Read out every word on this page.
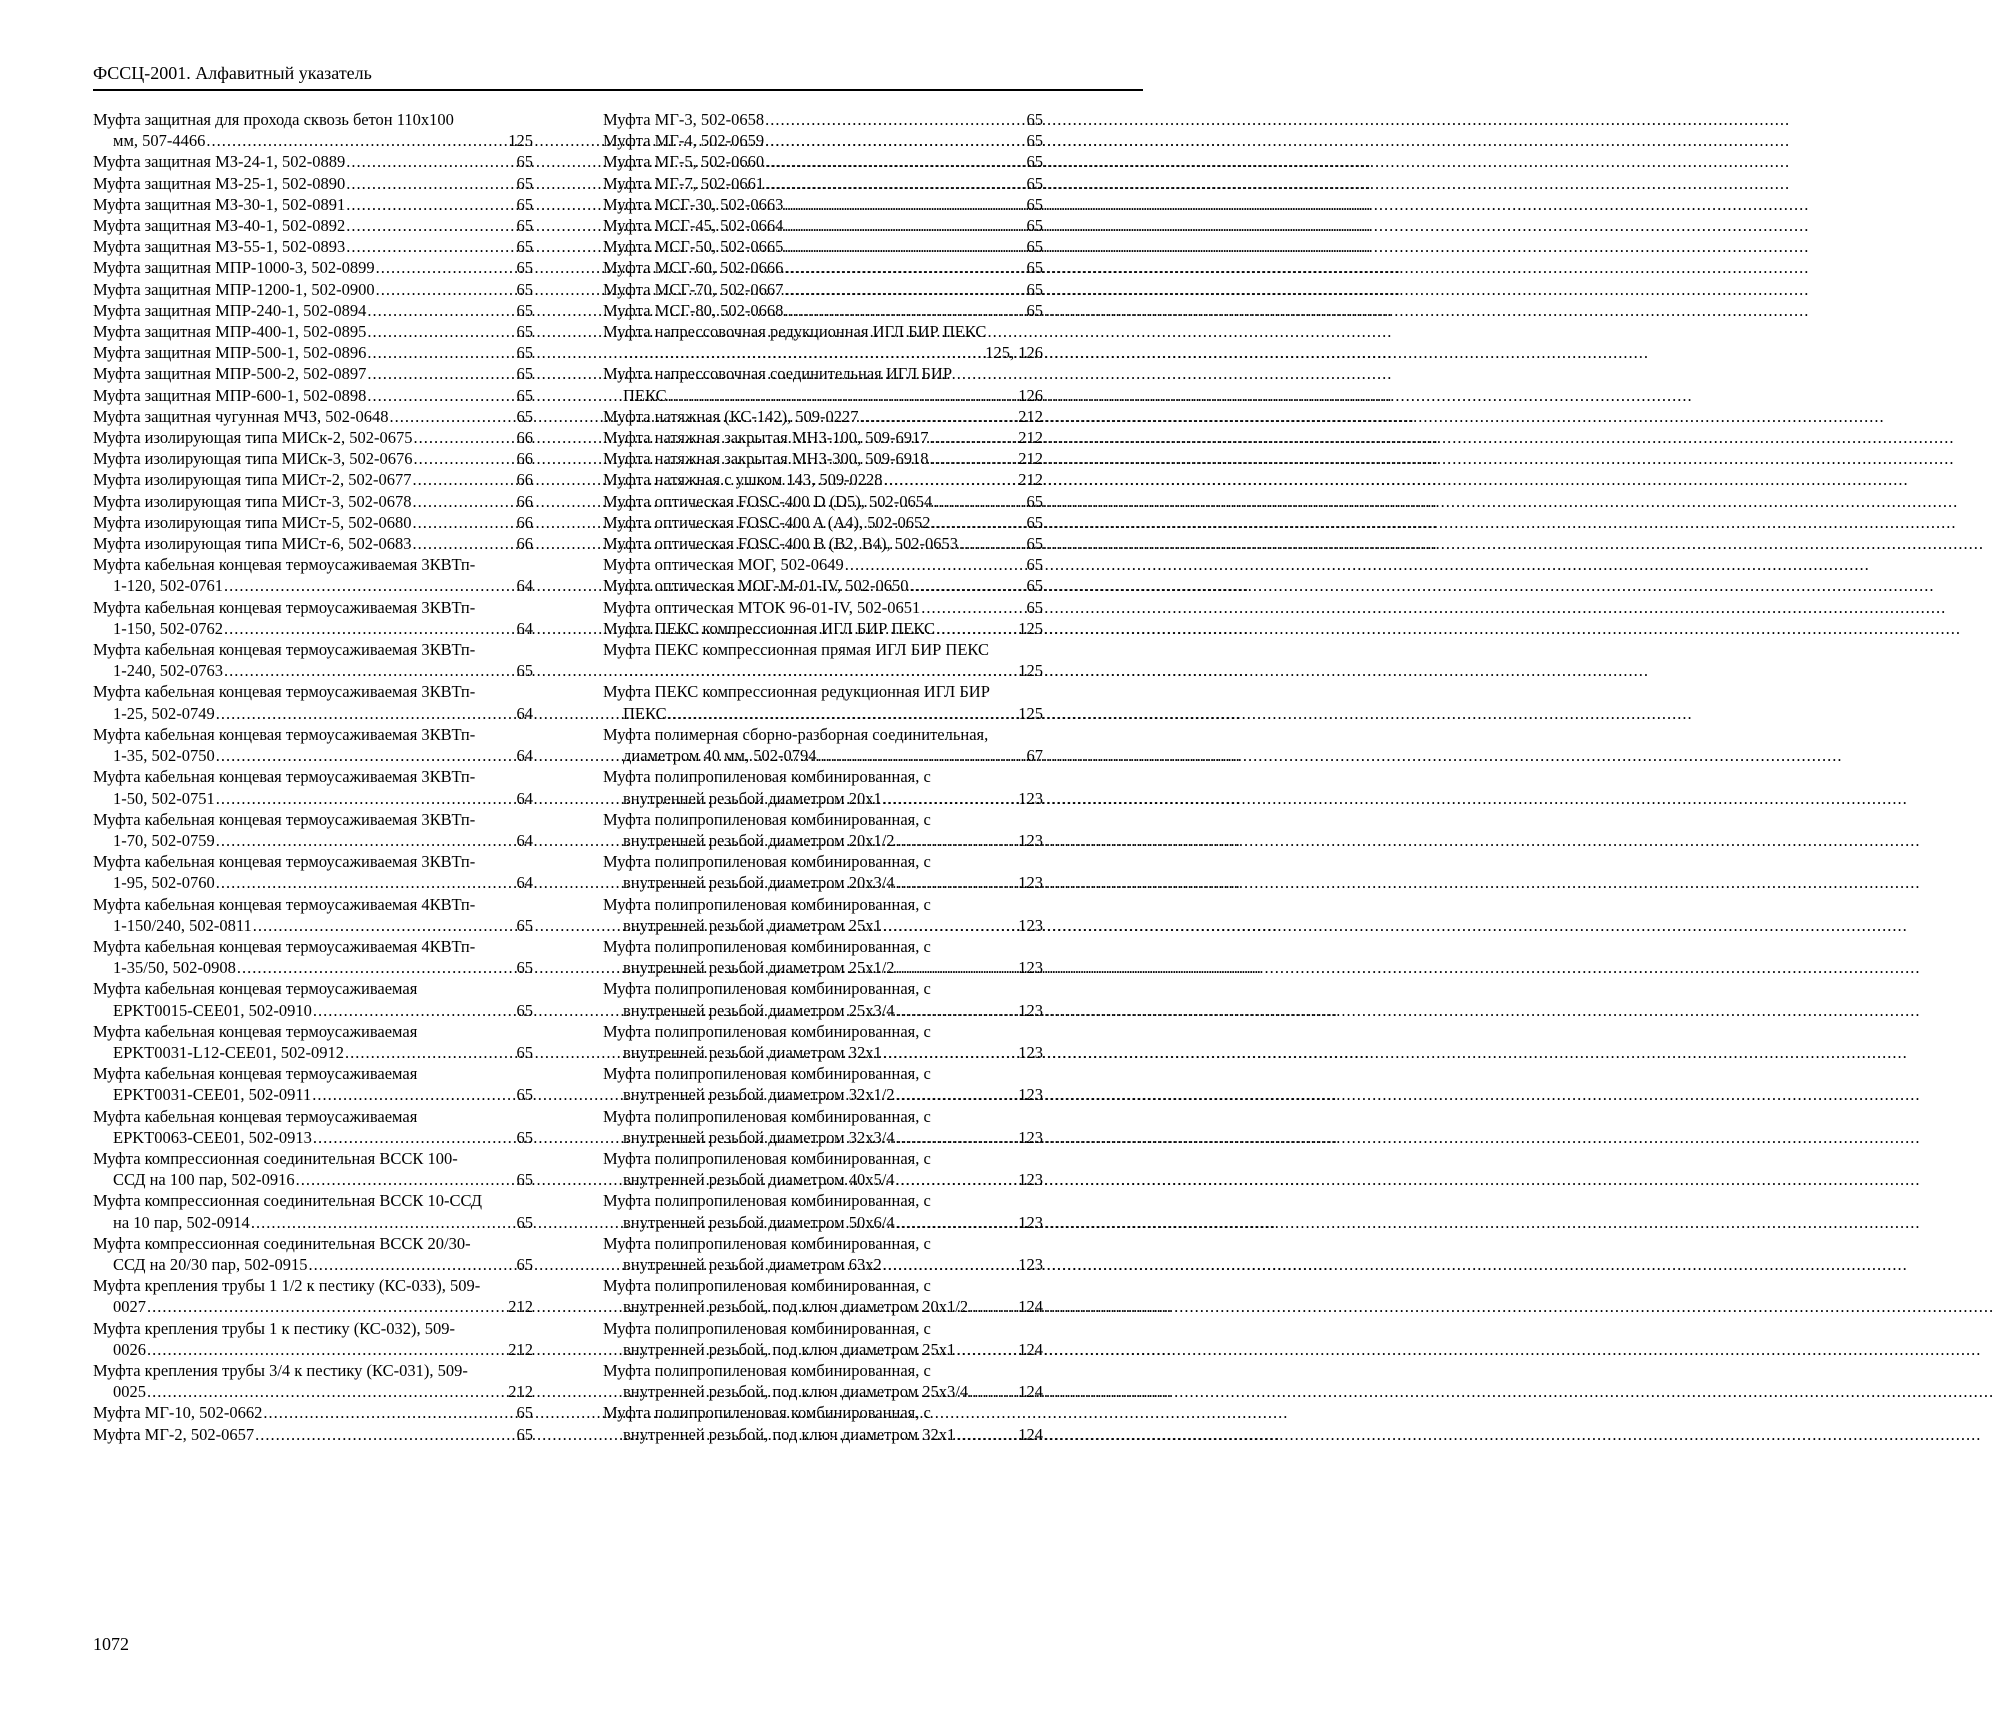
ФССЦ-2001. Алфавитный указатель
Муфта защитная для прохода сквозь бетон 110х100
мм, 507-4466 .....	125
Муфта защитная МЗ-24-1, 502-0889 .....	65
Муфта защитная МЗ-25-1, 502-0890 .....	65
Муфта защитная МЗ-30-1, 502-0891 .....	65
Муфта защитная МЗ-40-1, 502-0892 .....	65
Муфта защитная МЗ-55-1, 502-0893 .....	65
Муфта защитная МПР-1000-3, 502-0899 .....	65
Муфта защитная МПР-1200-1, 502-0900 .....	65
Муфта защитная МПР-240-1, 502-0894 .....	65
Муфта защитная МПР-400-1, 502-0895 .....	65
Муфта защитная МПР-500-1, 502-0896 .....	65
Муфта защитная МПР-500-2, 502-0897 .....	65
Муфта защитная МПР-600-1, 502-0898 .....	65
Муфта защитная чугунная МЧЗ, 502-0648 .....	65
Муфта изолирующая типа МИСк-2, 502-0675 .....	66
Муфта изолирующая типа МИСк-3, 502-0676 .....	66
Муфта изолирующая типа МИСт-2, 502-0677 .....	66
Муфта изолирующая типа МИСт-3, 502-0678 .....	66
Муфта изолирующая типа МИСт-5, 502-0680 .....	66
Муфта изолирующая типа МИСт-6, 502-0683 .....	66
Муфта кабельная концевая термоусаживаемая 3КВТп-
1-120, 502-0761 .....	64
Муфта кабельная концевая термоусаживаемая 3КВТп-
1-150, 502-0762 .....	64
Муфта кабельная концевая термоусаживаемая 3КВТп-
1-240, 502-0763 .....	65
Муфта кабельная концевая термоусаживаемая 3КВТп-
1-25, 502-0749 .....	64
Муфта кабельная концевая термоусаживаемая 3КВТп-
1-35, 502-0750 .....	64
Муфта кабельная концевая термоусаживаемая 3КВТп-
1-50, 502-0751 .....	64
Муфта кабельная концевая термоусаживаемая 3КВТп-
1-70, 502-0759 .....	64
Муфта кабельная концевая термоусаживаемая 3КВТп-
1-95, 502-0760 .....	64
Муфта кабельная концевая термоусаживаемая 4КВТп-
1-150/240, 502-0811 .....	65
Муфта кабельная концевая термоусаживаемая 4КВТп-
1-35/50, 502-0908 .....	65
Муфта кабельная концевая термоусаживаемая
EPKT0015-CEE01, 502-0910 .....	65
Муфта кабельная концевая термоусаживаемая
EPKT0031-L12-CEE01, 502-0912 .....	65
Муфта кабельная концевая термоусаживаемая
EPKT0031-CEE01, 502-0911 .....	65
Муфта кабельная концевая термоусаживаемая
EPKT0063-CEE01, 502-0913 .....	65
Муфта компрессионная соединительная ВССК 100-
ССД на 100 пар, 502-0916 .....	65
Муфта компрессионная соединительная ВССК 10-ССД
на 10 пар, 502-0914 .....	65
Муфта компрессионная соединительная ВССК 20/30-
ССД на 20/30 пар, 502-0915 .....	65
Муфта крепления трубы 1 1/2 к пестику (КС-033), 509-
0027 .....	212
Муфта крепления трубы 1 к пестику (КС-032), 509-
0026 .....	212
Муфта крепления трубы 3/4 к пестику (КС-031), 509-
0025 .....	212
Муфта МГ-10, 502-0662 .....	65
Муфта МГ-2, 502-0657 .....	65
Муфта МГ-3, 502-0658 .....	65
Муфта МГ-4, 502-0659 .....	65
Муфта МГ-5, 502-0660 .....	65
Муфта МГ-7, 502-0661 .....	65
Муфта МСГ-30, 502-0663 .....	65
Муфта МСГ-45, 502-0664 .....	65
Муфта МСГ-50, 502-0665 .....	65
Муфта МСГ-60, 502-0666 .....	65
Муфта МСГ-70, 502-0667 .....	65
Муфта МСГ-80, 502-0668 .....	65
Муфта напрессовочная редукционная ИГЛ БИР ПЕКС
.....
125, 126
Муфта напрессовочная соединительная ИГЛ БИР
ПЕКС .....	126
Муфта натяжная (КС-142), 509-0227 .....	212
Муфта натяжная закрытая МНЗ-100, 509-6917 .....	212
Муфта натяжная закрытая МНЗ-300, 509-6918 .....	212
Муфта натяжная с ушком 143, 509-0228 .....	212
Муфта оптическая FOSC-400 D (D5), 502-0654 .....	65
Муфта оптическая FOSC-400 A (A4), 502-0652 .....	65
Муфта оптическая FOSC-400 B (B2, B4), 502-0653 .....	65
Муфта оптическая МОГ, 502-0649 .....	65
Муфта оптическая МОГ-М-01-IV, 502-0650 .....	65
Муфта оптическая МТОК 96-01-IV, 502-0651 .....	65
Муфта ПЕКС компрессионная ИГЛ БИР ПЕКС .....	125
Муфта ПЕКС компрессионная прямая ИГЛ БИР ПЕКС
.....
125
Муфта ПЕКС компрессионная редукционная ИГЛ БИР
ПЕКС .....	125
Муфта полимерная сборно-разборная соединительная,
диаметром 40 мм, 502-0794 .....	67
Муфта полипропиленовая комбинированная, с
внутренней резьбой диаметром 20х1 .....	123
Муфта полипропиленовая комбинированная, с
внутренней резьбой диаметром 20х1/2 .....	123
Муфта полипропиленовая комбинированная, с
внутренней резьбой диаметром 20х3/4 .....	123
Муфта полипропиленовая комбинированная, с
внутренней резьбой диаметром 25х1 .....	123
Муфта полипропиленовая комбинированная, с
внутренней резьбой диаметром 25х1/2 .....	123
Муфта полипропиленовая комбинированная, с
внутренней резьбой диаметром 25х3/4 .....	123
Муфта полипропиленовая комбинированная, с
внутренней резьбой диаметром 32х1 .....	123
Муфта полипропиленовая комбинированная, с
внутренней резьбой диаметром 32х1/2 .....	123
Муфта полипропиленовая комбинированная, с
внутренней резьбой диаметром 32х3/4 .....	123
Муфта полипропиленовая комбинированная, с
внутренней резьбой диаметром 40х5/4 .....	123
Муфта полипропиленовая комбинированная, с
внутренней резьбой диаметром 50х6/4 .....	123
Муфта полипропиленовая комбинированная, с
внутренней резьбой диаметром 63х2 .....	123
Муфта полипропиленовая комбинированная, с
внутренней резьбой, под ключ диаметром 20х1/2 .....	124
Муфта полипропиленовая комбинированная, с
внутренней резьбой, под ключ диаметром 25х1 .....	124
Муфта полипропиленовая комбинированная, с
внутренней резьбой, под ключ диаметром 25х3/4 .....	124
Муфта полипропиленовая комбинированная, с
внутренней резьбой, под ключ диаметром 32х1 .....	124
1072
